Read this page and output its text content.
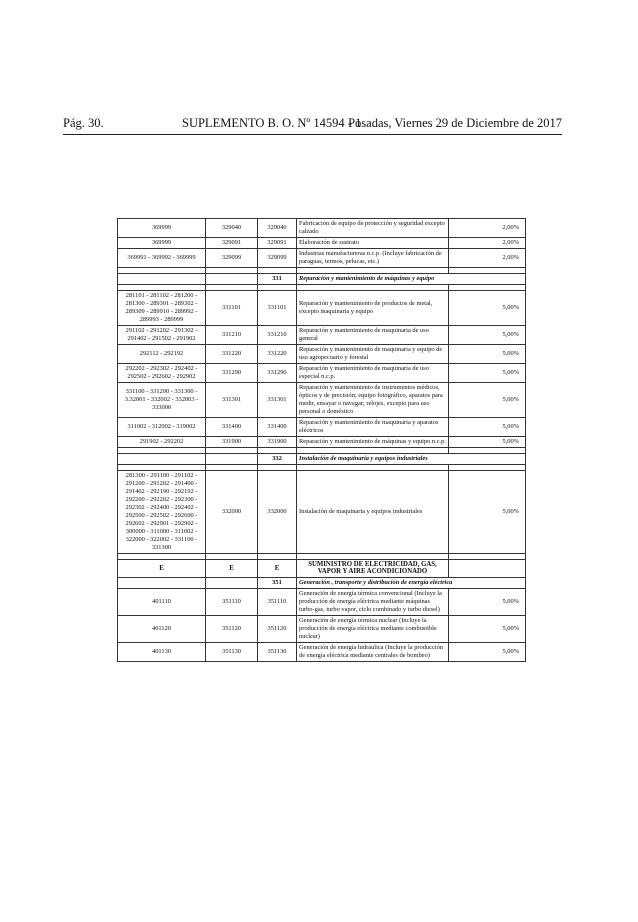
Pág. 30.	SUPLEMENTO B. O. Nº 14594 - 1
Posadas, Viernes 29 de Diciembre de 2017
369999	329040	329040	Fabricación de equipo de protección y seguridad excepto calzado	2,00%
369999	329091	329091	Elaboración de sustrato	2,00%
369991 - 369992 - 369999	329099	329099	Industrias manufactureras n.c.p. (Incluye fabricación de paraguas, termos, pelucas, etc.)	2,00%

		331	Reparación y mantenimiento de máquinas y equipo	

281101 - 281102 - 281200 - 281300 - 289301 - 289302 - 289309 - 289910 - 289992 - 289993 - 289999	331101	331101	Reparación y mantenimiento de productos de metal, excepto maquinaria y equipo	5,00%
291102 - 291202 - 291302 - 291402 - 291502 - 291902	331210	331210	Reparación y mantenimiento de maquinaria de uso general	5,00%
292112 - 292192	331220	331220	Reparación y mantenimiento de maquinaria y equipo de uso agropecuario y forestal	5,00%
292202 - 292302 - 292402 - 292502 - 292602 - 292902	331290	331290	Reparación y mantenimiento de maquinaria de uso especial n.c.p.	5,00%
331100 - 331200 - 331300 - 3.32001 - 332002 - 332003 - 333000	331301	331301	Reparación y mantenimiento de instrumentos médicos, ópticos y de precisión; equipo fotográfico, aparatos para medir, ensayar o navegar; relojes, excepto para uso personal o doméstico	5,00%
311002 - 312002 - 319002	331400	331400	Reparación y mantenimiento de maquinaria y aparatos eléctricos	5,00%
291902 - 292202	331900	331900	Reparación y mantenimiento de máquinas y equipo n.c.p.	5,00%

		332	Instalación de maquinaria y equipos industriales	

281300 - 291100 - 291102 - 291200 - 291202 - 291400 - 291402 - 292190 - 292192 - 292200 - 292202 - 292300 - 292302 - 292400 - 292402 - 292500 - 292502 - 292600 - 292602 - 292901 - 292902 - 300000 - 311000 - 311002 - 322000 - 322002 - 331100 - 331300	332000	332000	Instalación de maquinaria y equipos industriales	5,00%

E	E	E	SUMINISTRO DE ELECTRICIDAD, GAS, VAPOR Y AIRE ACONDICIONADO	
		351	Generación , transporte y distribución de energía eléctrica	
401110	351110	351110	Generación de energía térmica convencional (Incluye la producción de energía eléctrica mediante máquinas turbo-gas, turbo vapor, ciclo combinado y turbo diesel)	5,00%
401120	351120	351120	Generación de energía térmica nuclear (Incluye la producción de energía eléctrica mediante combustible nuclear)	5,00%
401130	351130	351130	Generación de energía hidráulica (Incluye la producción de energía eléctrica mediante centrales de bombeo)	5,00%
